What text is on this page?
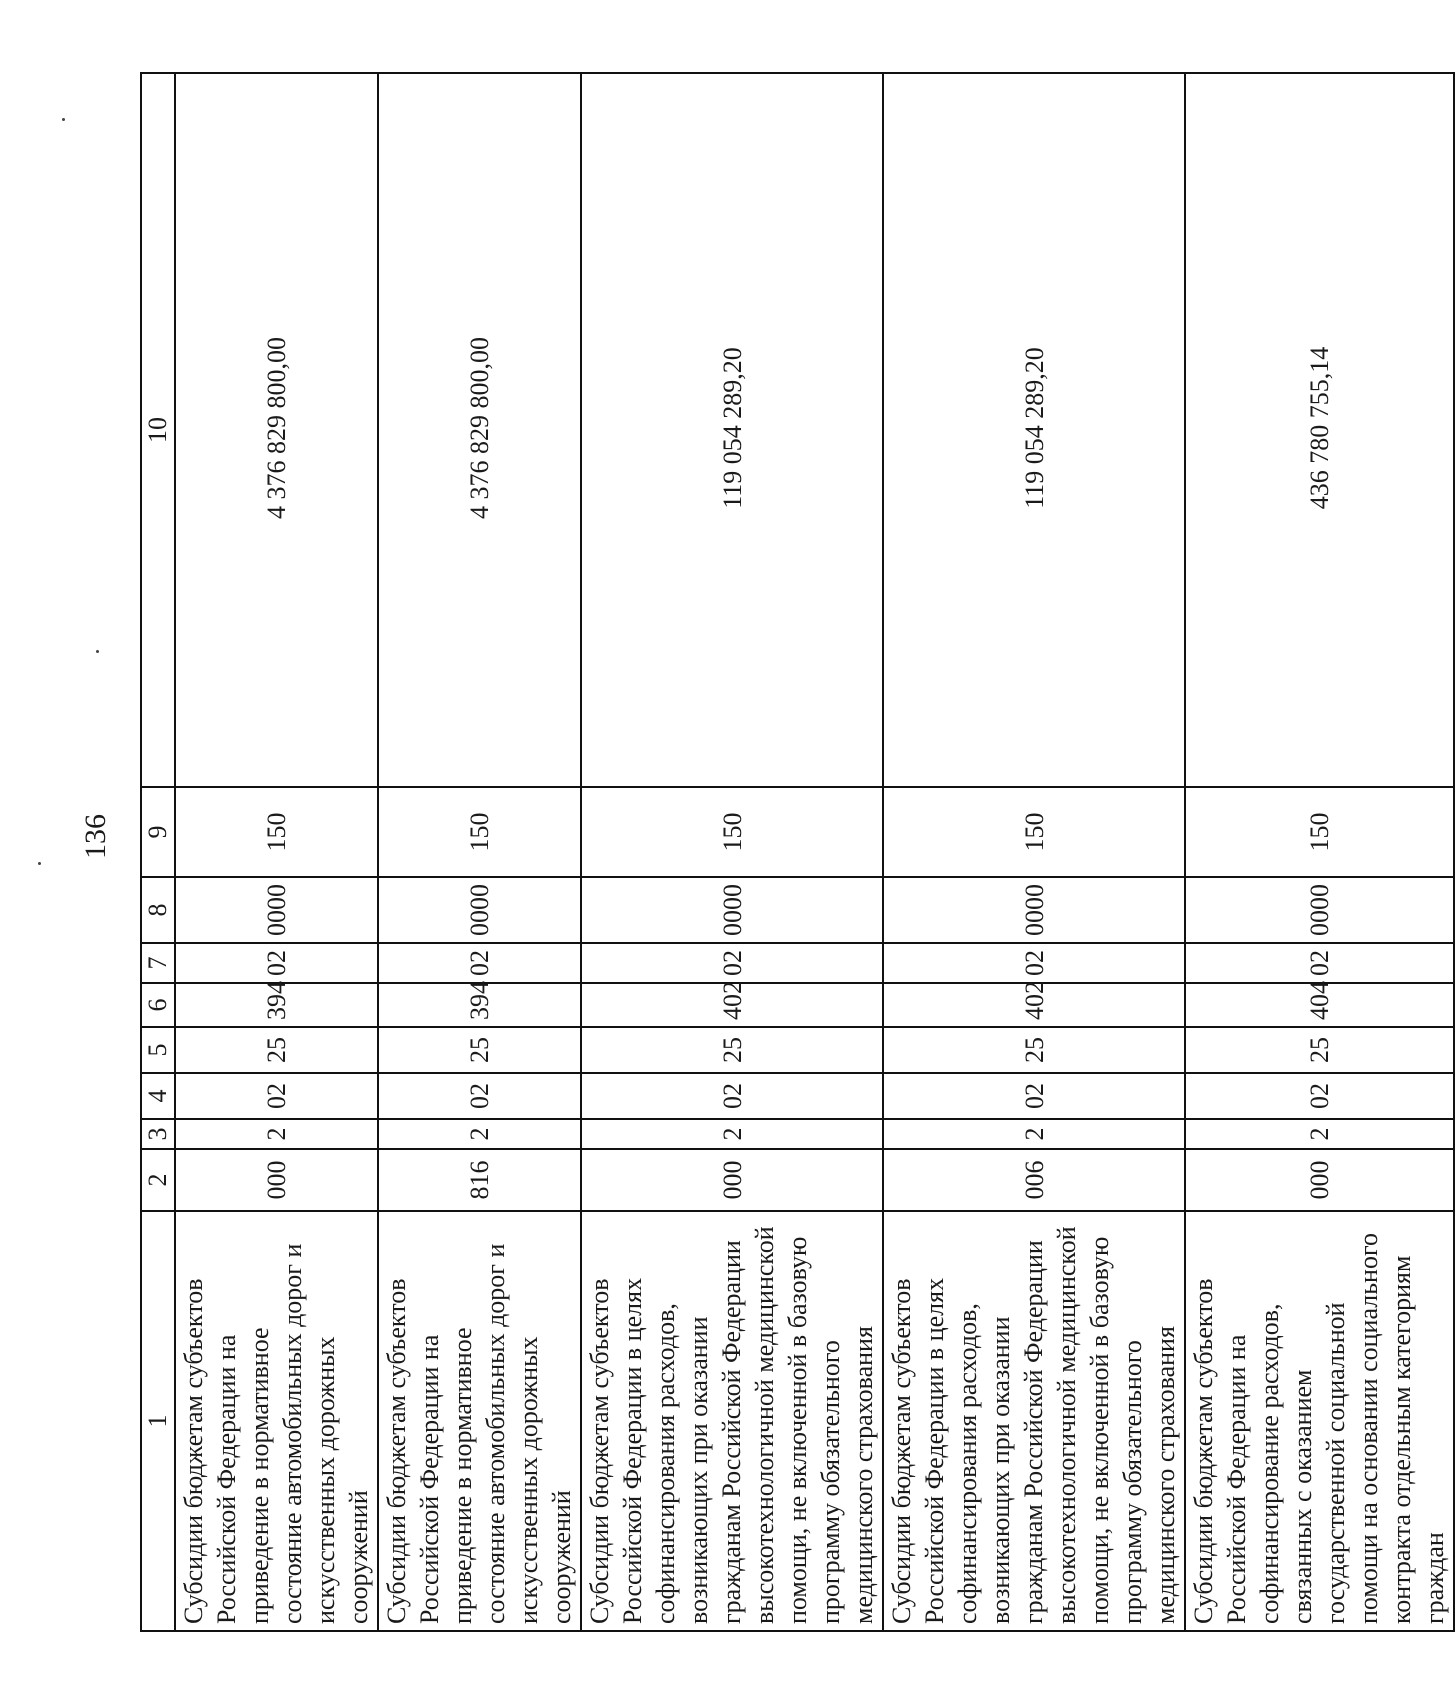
136
1	2	3	4	5	6	7	8	9	10
Субсидии бюджетам субъектов Российской Федерации на приведение в нормативное состояние автомобильных дорог и искусственных дорожных сооружений	000	2	02	25	394	02	0000	150	4 376 829 800,00
Субсидии бюджетам субъектов Российской Федерации на приведение в нормативное состояние автомобильных дорог и искусственных дорожных сооружений	816	2	02	25	394	02	0000	150	4 376 829 800,00
Субсидии бюджетам субъектов Российской Федерации в целях софинансирования расходов, возникающих при оказании гражданам Российской Федерации высокотехнологичной медицинской помощи, не включенной в базовую программу обязательного медицинского страхования	000	2	02	25	402	02	0000	150	119 054 289,20
Субсидии бюджетам субъектов Российской Федерации в целях софинансирования расходов, возникающих при оказании гражданам Российской Федерации высокотехнологичной медицинской помощи, не включенной в базовую программу обязательного медицинского страхования	006	2	02	25	402	02	0000	150	119 054 289,20
Субсидии бюджетам субъектов Российской Федерации на софинансирование расходов, связанных с оказанием государственной социальной помощи на основании социального контракта отдельным категориям граждан	000	2	02	25	404	02	0000	150	436 780 755,14
